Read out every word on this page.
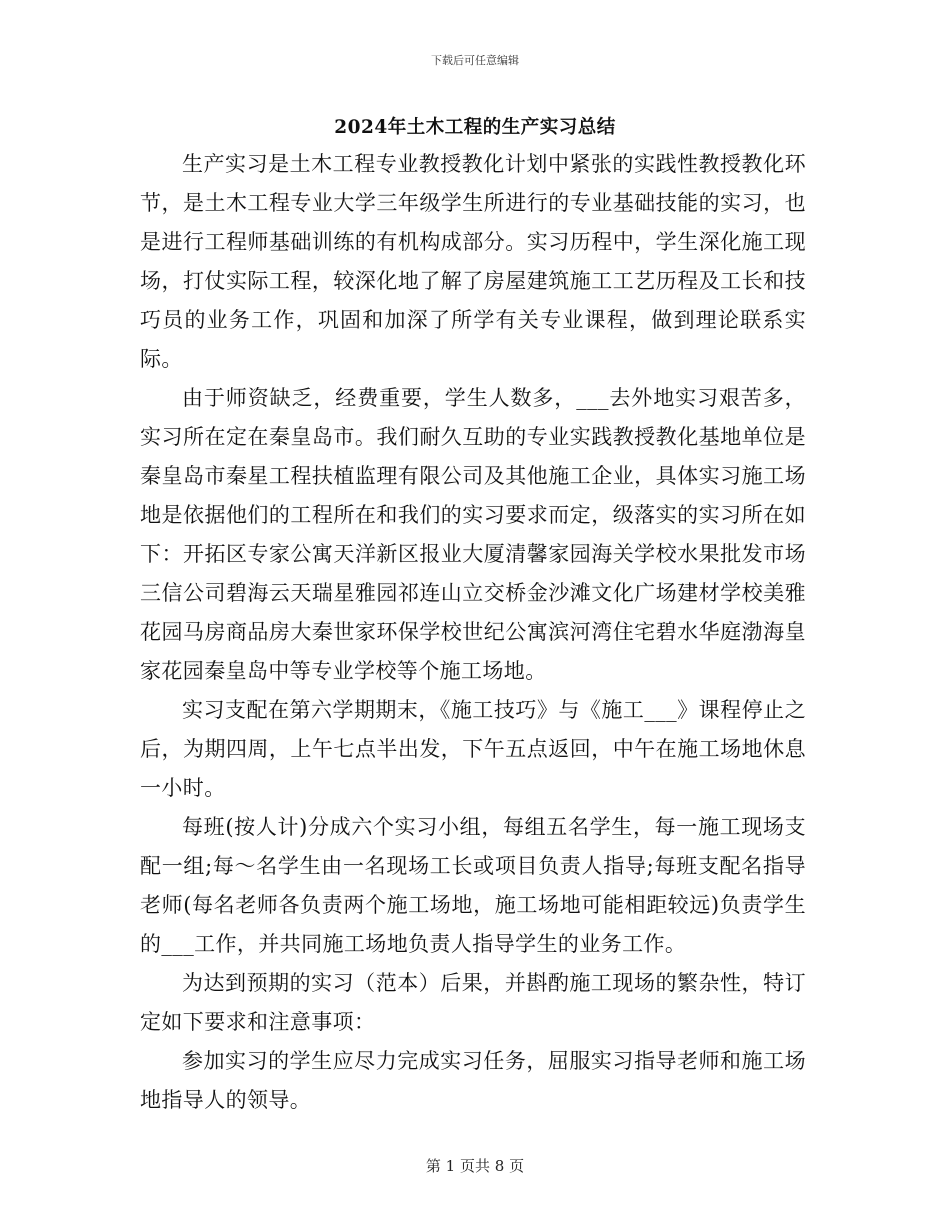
下载后可任意编辑
2024年土木工程的生产实习总结

生产实习是土木工程专业教授教化计划中紧张的实践性教授教化环节，是土木工程专业大学三年级学生所进行的专业基础技能的实习，也是进行工程师基础训练的有机构成部分。实习历程中，学生深化施工现场，打仗实际工程，较深化地了解了房屋建筑施工工艺历程及工长和技巧员的业务工作，巩固和加深了所学有关专业课程，做到理论联系实际。

由于师资缺乏，经费重要，学生人数多，___去外地实习艰苦多，实习所在定在秦皇岛市。我们耐久互助的专业实践教授教化基地单位是秦皇岛市秦星工程扶植监理有限公司及其他施工企业，具体实习施工场地是依据他们的工程所在和我们的实习要求而定，级落实的实习所在如下：开拓区专家公寓天洋新区报业大厦清馨家园海关学校水果批发市场三信公司碧海云天瑞星雅园祁连山立交桥金沙滩文化广场建材学校美雅花园马房商品房大秦世家环保学校世纪公寓滨河湾住宅碧水华庭渤海皇家花园秦皇岛中等专业学校等个施工场地。

实习支配在第六学期期末，《施工技巧》与《施工___》课程停止之后，为期四周，上午七点半出发，下午五点返回，中午在施工场地休息一小时。

每班(按人计)分成六个实习小组，每组五名学生，每一施工现场支配一组;每～名学生由一名现场工长或项目负责人指导;每班支配名指导老师(每名老师各负责两个施工场地，施工场地可能相距较远)负责学生的___工作，并共同施工场地负责人指导学生的业务工作。

为达到预期的实习（范本）后果，并斟酌施工现场的繁杂性，特订定如下要求和注意事项：

参加实习的学生应尽力完成实习任务，屈服实习指导老师和施工场地指导人的领导。

第 1 页共 8 页
